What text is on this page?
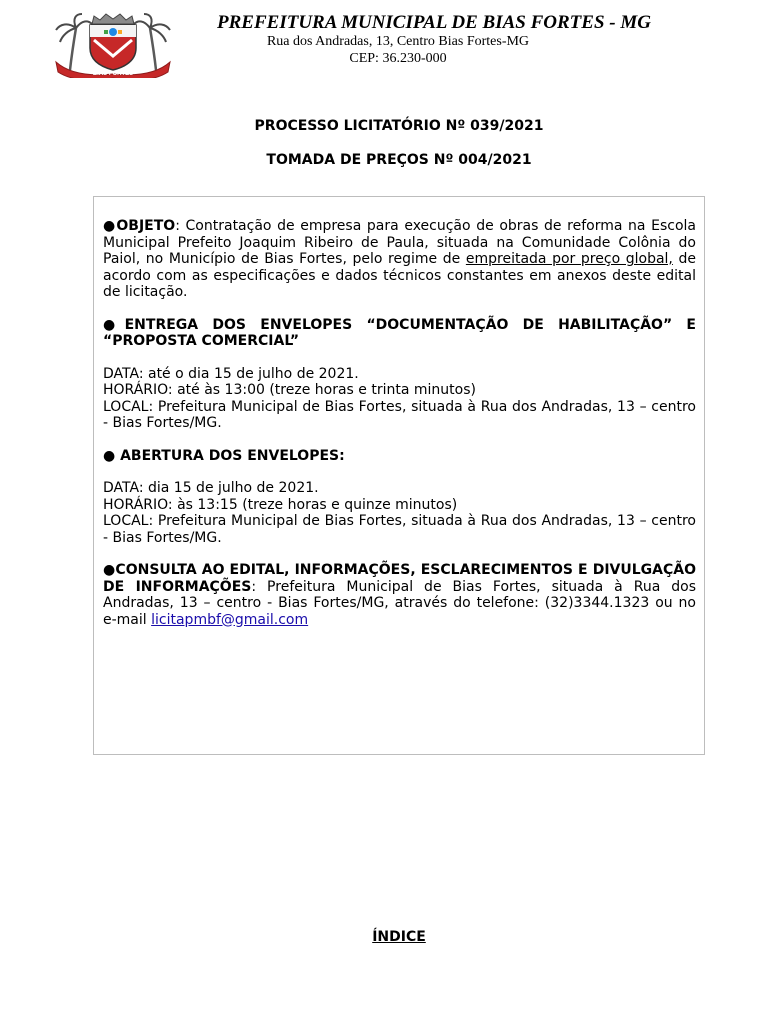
BIAS FORTES
PREFEITURA MUNICIPAL DE BIAS FORTES - MG
Rua dos Andradas, 13, Centro Bias Fortes-MG
CEP: 36.230-000
PROCESSO LICITATÓRIO Nº 039/2021
TOMADA DE PREÇOS Nº 004/2021

●OBJETO: Contratação de empresa para execução de obras de reforma na Escola Municipal Prefeito Joaquim Ribeiro de Paula, situada na Comunidade Colônia do Paiol, no Município de Bias Fortes, pelo regime de empreitada por preço global, de acordo com as especificações e dados técnicos constantes em anexos deste edital de licitação.

●ENTREGA DOS ENVELOPES “DOCUMENTAÇÃO DE HABILITAÇÃO” E “PROPOSTA COMERCIAL”

DATA: até o dia 15 de julho de 2021.

HORÁRIO: até às 13:00 (treze horas e trinta minutos)

LOCAL: Prefeitura Municipal de Bias Fortes, situada à Rua dos Andradas, 13 – centro - Bias Fortes/MG.

● ABERTURA DOS ENVELOPES:

DATA: dia 15 de julho de 2021.

HORÁRIO: às 13:15 (treze horas e quinze minutos)

LOCAL: Prefeitura Municipal de Bias Fortes, situada à Rua dos Andradas, 13 – centro - Bias Fortes/MG.

●CONSULTA AO EDITAL, INFORMAÇÕES, ESCLARECIMENTOS E DIVULGAÇÃO DE INFORMAÇÕES: Prefeitura Municipal de Bias Fortes, situada à Rua dos Andradas, 13 – centro - Bias Fortes/MG, através do telefone: (32)3344.1323 ou no e-mail licitapmbf@gmail.com

ÍNDICE
